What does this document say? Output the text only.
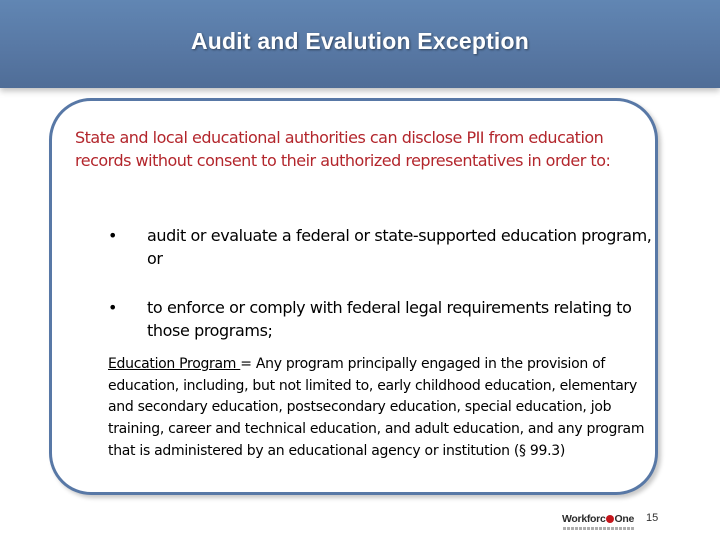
Audit and Evalution Exception

State and local educational authorities can disclose PII from education records without consent to their authorized representatives in order to:

• audit or evaluate a federal or state-supported education program, or
• to enforce or comply with federal legal requirements relating to those programs;

Education Program = Any program principally engaged in the provision of education, including, but not limited to, early childhood education, elementary and secondary education, postsecondary education, special education, job training, career and technical education, and adult education, and any program that is administered by an educational agency or institution (§ 99.3)

Workforc One 15
